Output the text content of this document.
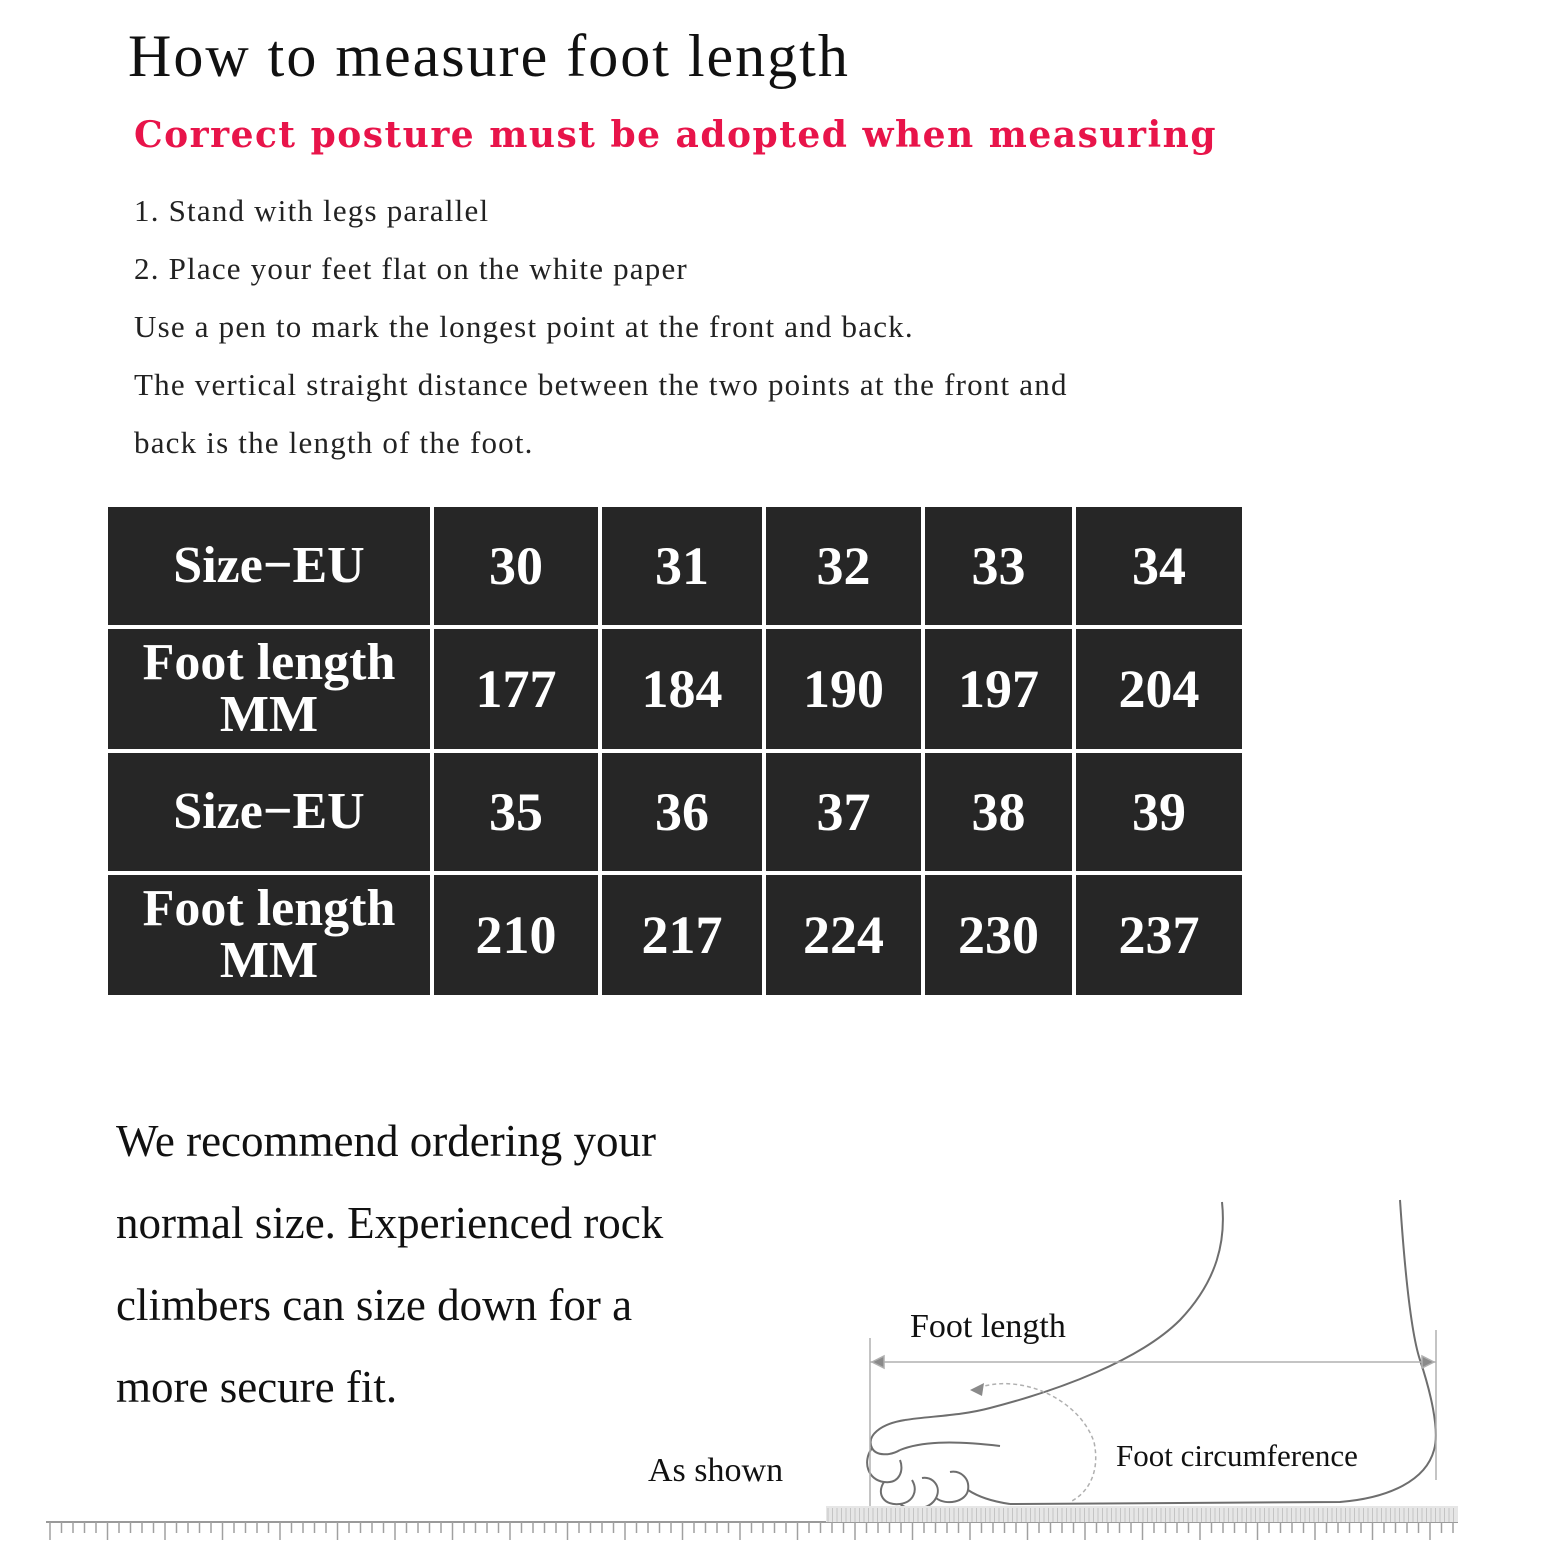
How to measure foot length
Correct posture must be adopted when measuring
1. Stand with legs parallel
2. Place your feet flat on the white paper
Use a pen to mark the longest point at the front and back.
The vertical straight distance between the two points at the front and
back is the length of the foot.
Size−EU	30	31	32	33	34

Foot length
MM	177	184	190	197	204
Size−EU	35	36	37	38	39

Foot length
MM	210	217	224	230	237
We recommend ordering your
normal size. Experienced rock
climbers can size down for a
more secure fit.
Foot length
Foot circumference
As shown
